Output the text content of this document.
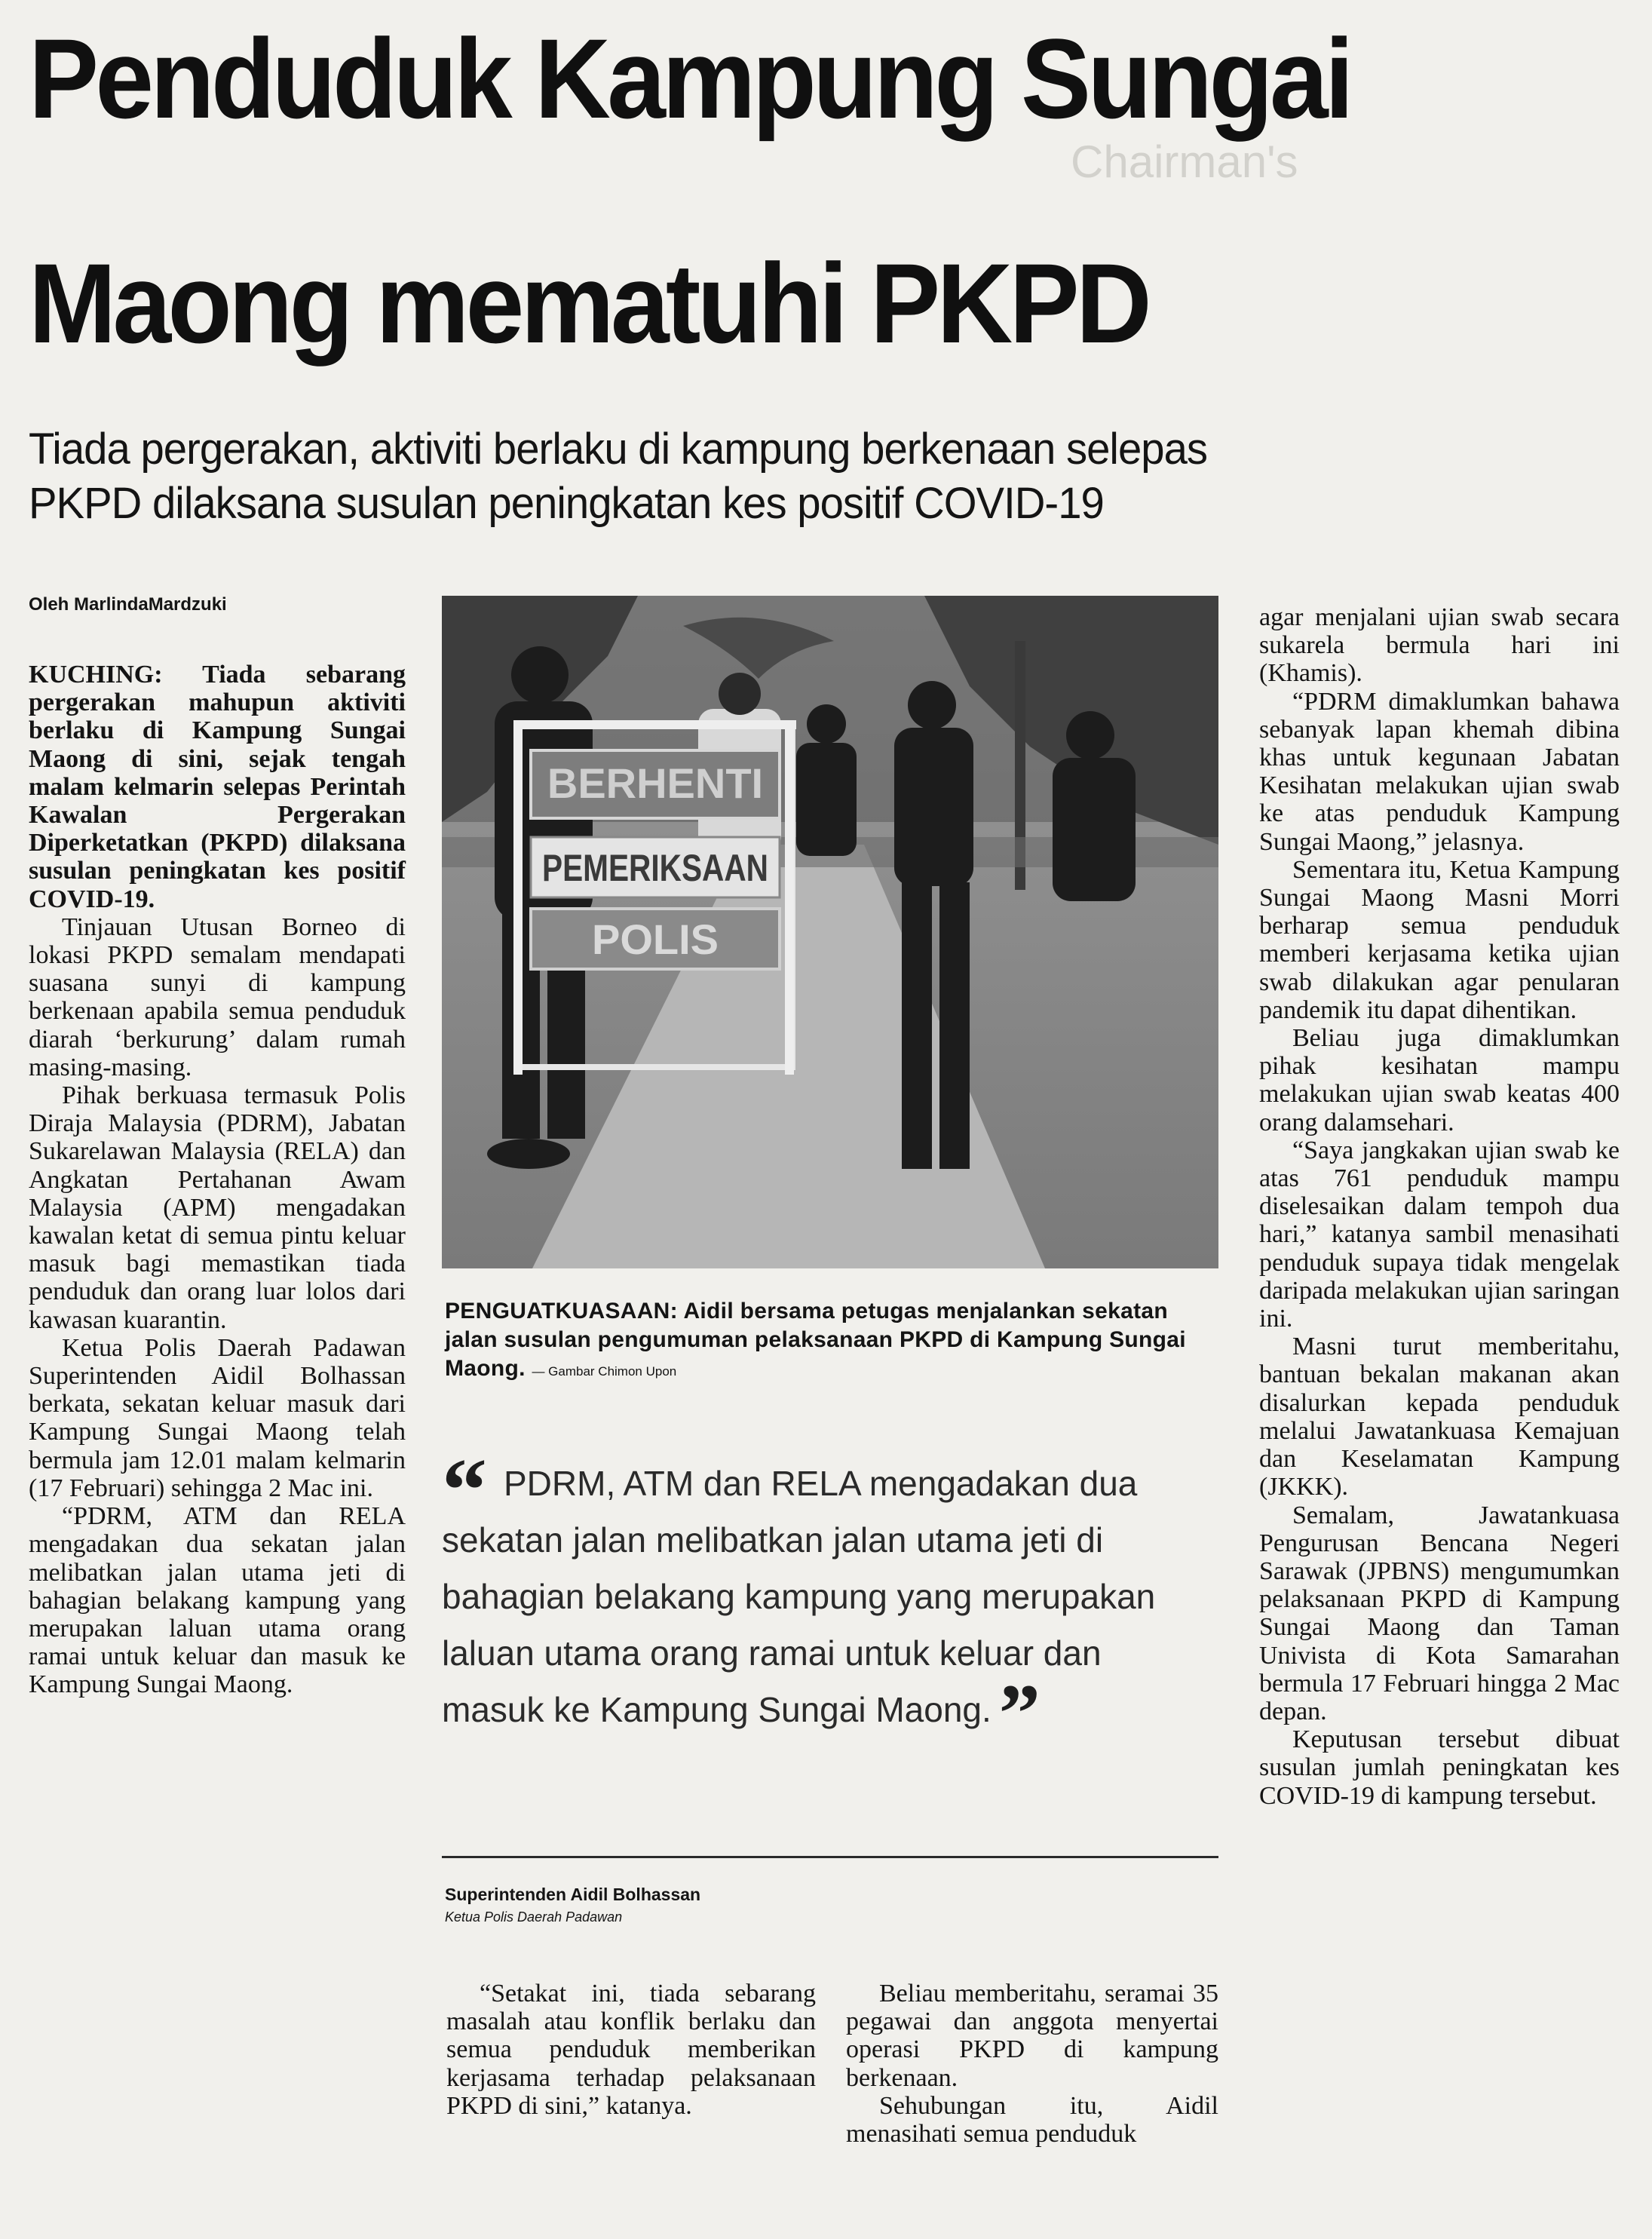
Chairman's
Penduduk Kampung Sungai
Maong mematuhi PKPD
Tiada pergerakan, aktiviti berlaku di kampung berkenaan selepas
PKPD dilaksana susulan peningkatan kes positif COVID-19
Oleh MarlindaMardzuki

KUCHING: Tiada sebarang pergerakan mahupun aktiviti berlaku di Kampung Sungai Maong di sini, sejak tengah malam kelmarin selepas Perintah Kawalan Pergerakan Diperketatkan (PKPD) dilaksana susulan peningkatan kes positif COVID-19.

Tinjauan Utusan Borneo di lokasi PKPD semalam mendapati suasana sunyi di kampung berkenaan apabila semua penduduk diarah ‘berkurung’ dalam rumah masing-masing.

Pihak berkuasa termasuk Polis Diraja Malaysia (PDRM), Jabatan Sukarelawan Malaysia (RELA) dan Angkatan Pertahanan Awam Malaysia (APM) mengadakan kawalan ketat di semua pintu keluar masuk bagi memastikan tiada penduduk dan orang luar lolos dari kawasan kuarantin.

Ketua Polis Daerah Padawan Superintenden Aidil Bolhassan berkata, sekatan keluar masuk dari Kampung Sungai Maong telah bermula jam 12.01 malam kelmarin (17 Februari) sehingga 2 Mac ini.

“PDRM, ATM dan RELA mengadakan dua sekatan jalan melibatkan jalan utama jeti di bahagian belakang kampung yang merupakan laluan utama orang ramai untuk keluar dan masuk ke Kampung Sungai Maong.

BERHENTI
PEMERIKSAAN
POLIS
PENGUATKUASAAN: Aidil bersama petugas menjalankan sekatan jalan susulan pengumuman pelaksanaan PKPD di Kampung Sungai Maong. — Gambar Chimon Upon
“ PDRM, ATM dan RELA mengadakan dua sekatan jalan melibatkan jalan utama jeti di bahagian belakang kampung yang merupakan laluan utama orang ramai untuk keluar dan masuk ke Kampung Sungai Maong.”
Superintenden Aidil Bolhassan
Ketua Polis Daerah Padawan

“Setakat ini, tiada sebarang masalah atau konflik berlaku dan semua penduduk memberikan kerjasama terhadap pelaksanaan PKPD di sini,” katanya.

Beliau memberitahu, seramai 35 pegawai dan anggota menyertai operasi PKPD di kampung berkenaan.

Sehubungan itu, Aidil menasihati semua penduduk

agar menjalani ujian swab secara sukarela bermula hari ini (Khamis).

“PDRM dimaklumkan bahawa sebanyak lapan khemah dibina khas untuk kegunaan Jabatan Kesihatan melakukan ujian swab ke atas penduduk Kampung Sungai Maong,” jelasnya.

Sementara itu, Ketua Kampung Sungai Maong Masni Morri berharap semua penduduk memberi kerjasama ketika ujian swab dilakukan agar penularan pandemik itu dapat dihentikan.

Beliau juga dimaklumkan pihak kesihatan mampu melakukan ujian swab keatas 400 orang dalamsehari.

“Saya jangkakan ujian swab ke atas 761 penduduk mampu diselesaikan dalam tempoh dua hari,” katanya sambil menasihati penduduk supaya tidak mengelak daripada melakukan ujian saringan ini.

Masni turut memberitahu, bantuan bekalan makanan akan disalurkan kepada penduduk melalui Jawatankuasa Kemajuan dan Keselamatan Kampung (JKKK).

Semalam, Jawatankuasa Pengurusan Bencana Negeri Sarawak (JPBNS) mengumumkan pelaksanaan PKPD di Kampung Sungai Maong dan Taman Univista di Kota Samarahan bermula 17 Februari hingga 2 Mac depan.

Keputusan tersebut dibuat susulan jumlah peningkatan kes COVID-19 di kampung tersebut.
